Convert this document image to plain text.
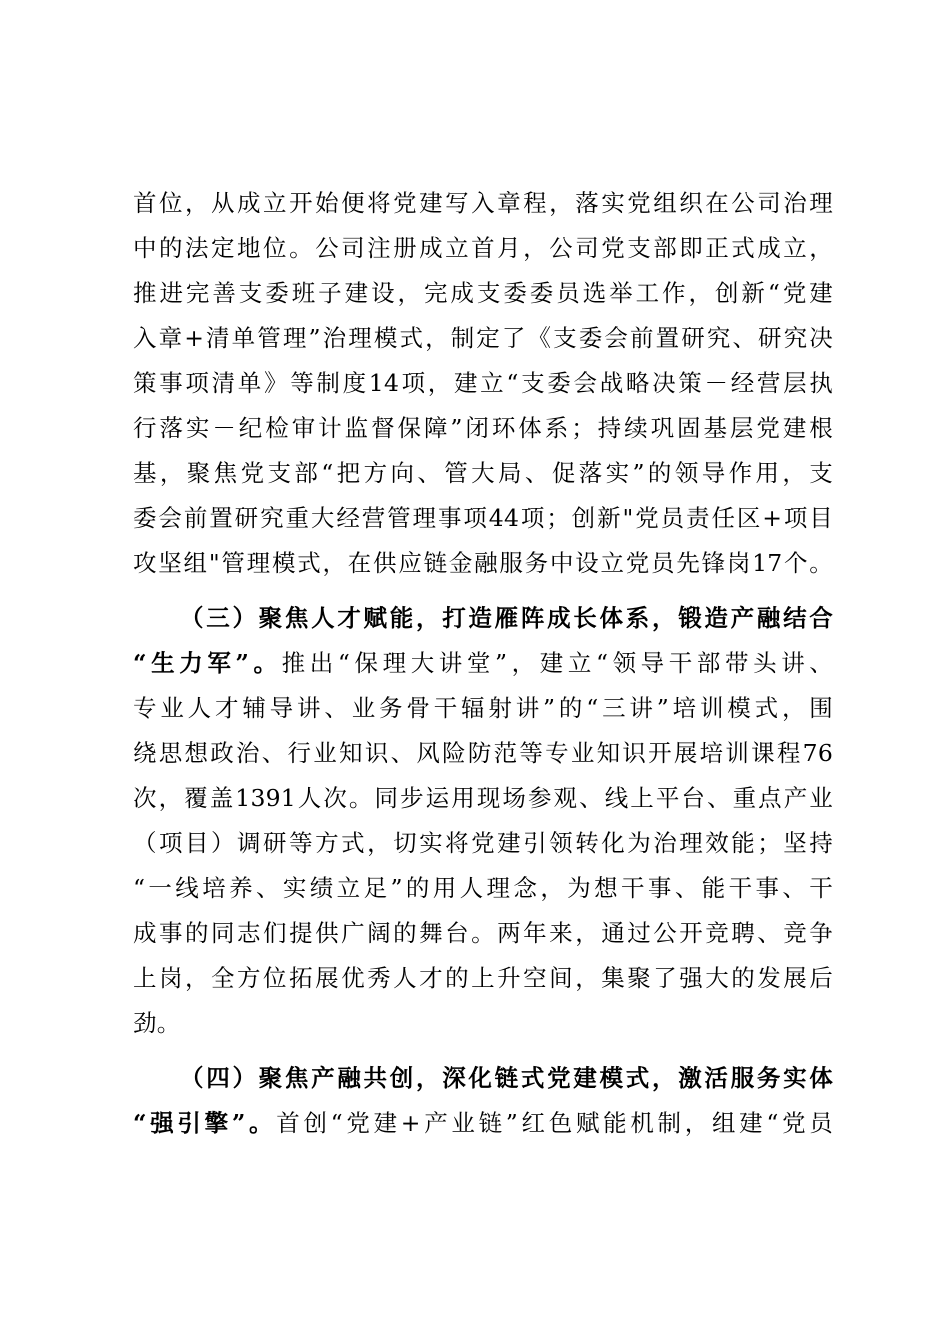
首位，从成立开始便将党建写入章程，落实党组织在公司治理
中的法定地位。公司注册成立首月，公司党支部即正式成立，
推进完善支委班子建设，完成支委委员选举工作，创新“党建
入章+清单管理”治理模式，制定了《支委会前置研究、研究决
策事项清单》等制度14项，建立“支委会战略决策－经营层执
行落实－纪检审计监督保障”闭环体系；持续巩固基层党建根
基，聚焦党支部“把方向、管大局、促落实”的领导作用，支
委会前置研究重大经营管理事项44项；创新"党员责任区+项目
攻坚组"管理模式，在供应链金融服务中设立党员先锋岗17个。
（三）聚焦人才赋能，打造雁阵成长体系，锻造产融结合
“生力军”。推出“保理大讲堂”，建立“领导干部带头讲、
专业人才辅导讲、业务骨干辐射讲”的“三讲”培训模式，围
绕思想政治、行业知识、风险防范等专业知识开展培训课程76
次，覆盖1391人次。同步运用现场参观、线上平台、重点产业
（项目）调研等方式，切实将党建引领转化为治理效能；坚持
“一线培养、实绩立足”的用人理念，为想干事、能干事、干
成事的同志们提供广阔的舞台。两年来，通过公开竞聘、竞争
上岗，全方位拓展优秀人才的上升空间，集聚了强大的发展后
劲。
（四）聚焦产融共创，深化链式党建模式，激活服务实体
“强引擎”。首创“党建+产业链”红色赋能机制，组建“党员
